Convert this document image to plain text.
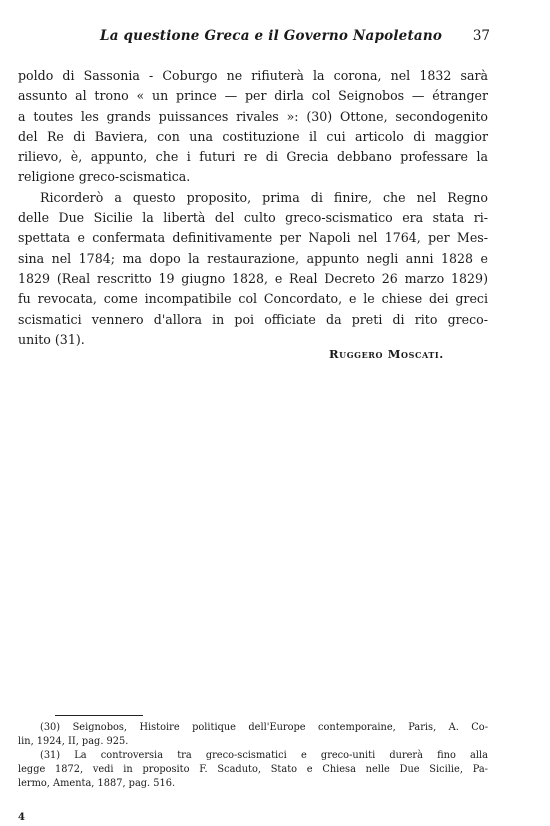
La questione Greca e il Governo Napoletano 37
poldo di Sassonia - Coburgo ne rifiuterà la corona, nel 1832 sarà
assunto al trono « un prince — per dirla col Seignobos — étranger
a toutes les grands puissances rivales »: (30) Ottone, secondogenito
del Re di Baviera, con una costituzione il cui articolo di maggior
rilievo, è, appunto, che i futuri re di Grecia debbano professare la
religione greco-scismatica.
Ricorderò a questo proposito, prima di finire, che nel Regno
delle Due Sicilie la libertà del culto greco-scismatico era stata ri-
spettata e confermata definitivamente per Napoli nel 1764, per Mes-
sina nel 1784; ma dopo la restaurazione, appunto negli anni 1828 e
1829 (Real rescritto 19 giugno 1828, e Real Decreto 26 marzo 1829)
fu revocata, come incompatibile col Concordato, e le chiese dei greci
scismatici vennero d'allora in poi officiate da preti di rito greco-
unito (31).
Ruggero Moscati.
(30) Seignobos, Histoire politique dell'Europe contemporaine, Paris, A. Co-
lin, 1924, II, pag. 925.
(31) La controversia tra greco-scismatici e greco-uniti durerà fino alla
legge 1872, vedi in proposito F. Scaduto, Stato e Chiesa nelle Due Sicilie, Pa-
lermo, Amenta, 1887, pag. 516.
4
